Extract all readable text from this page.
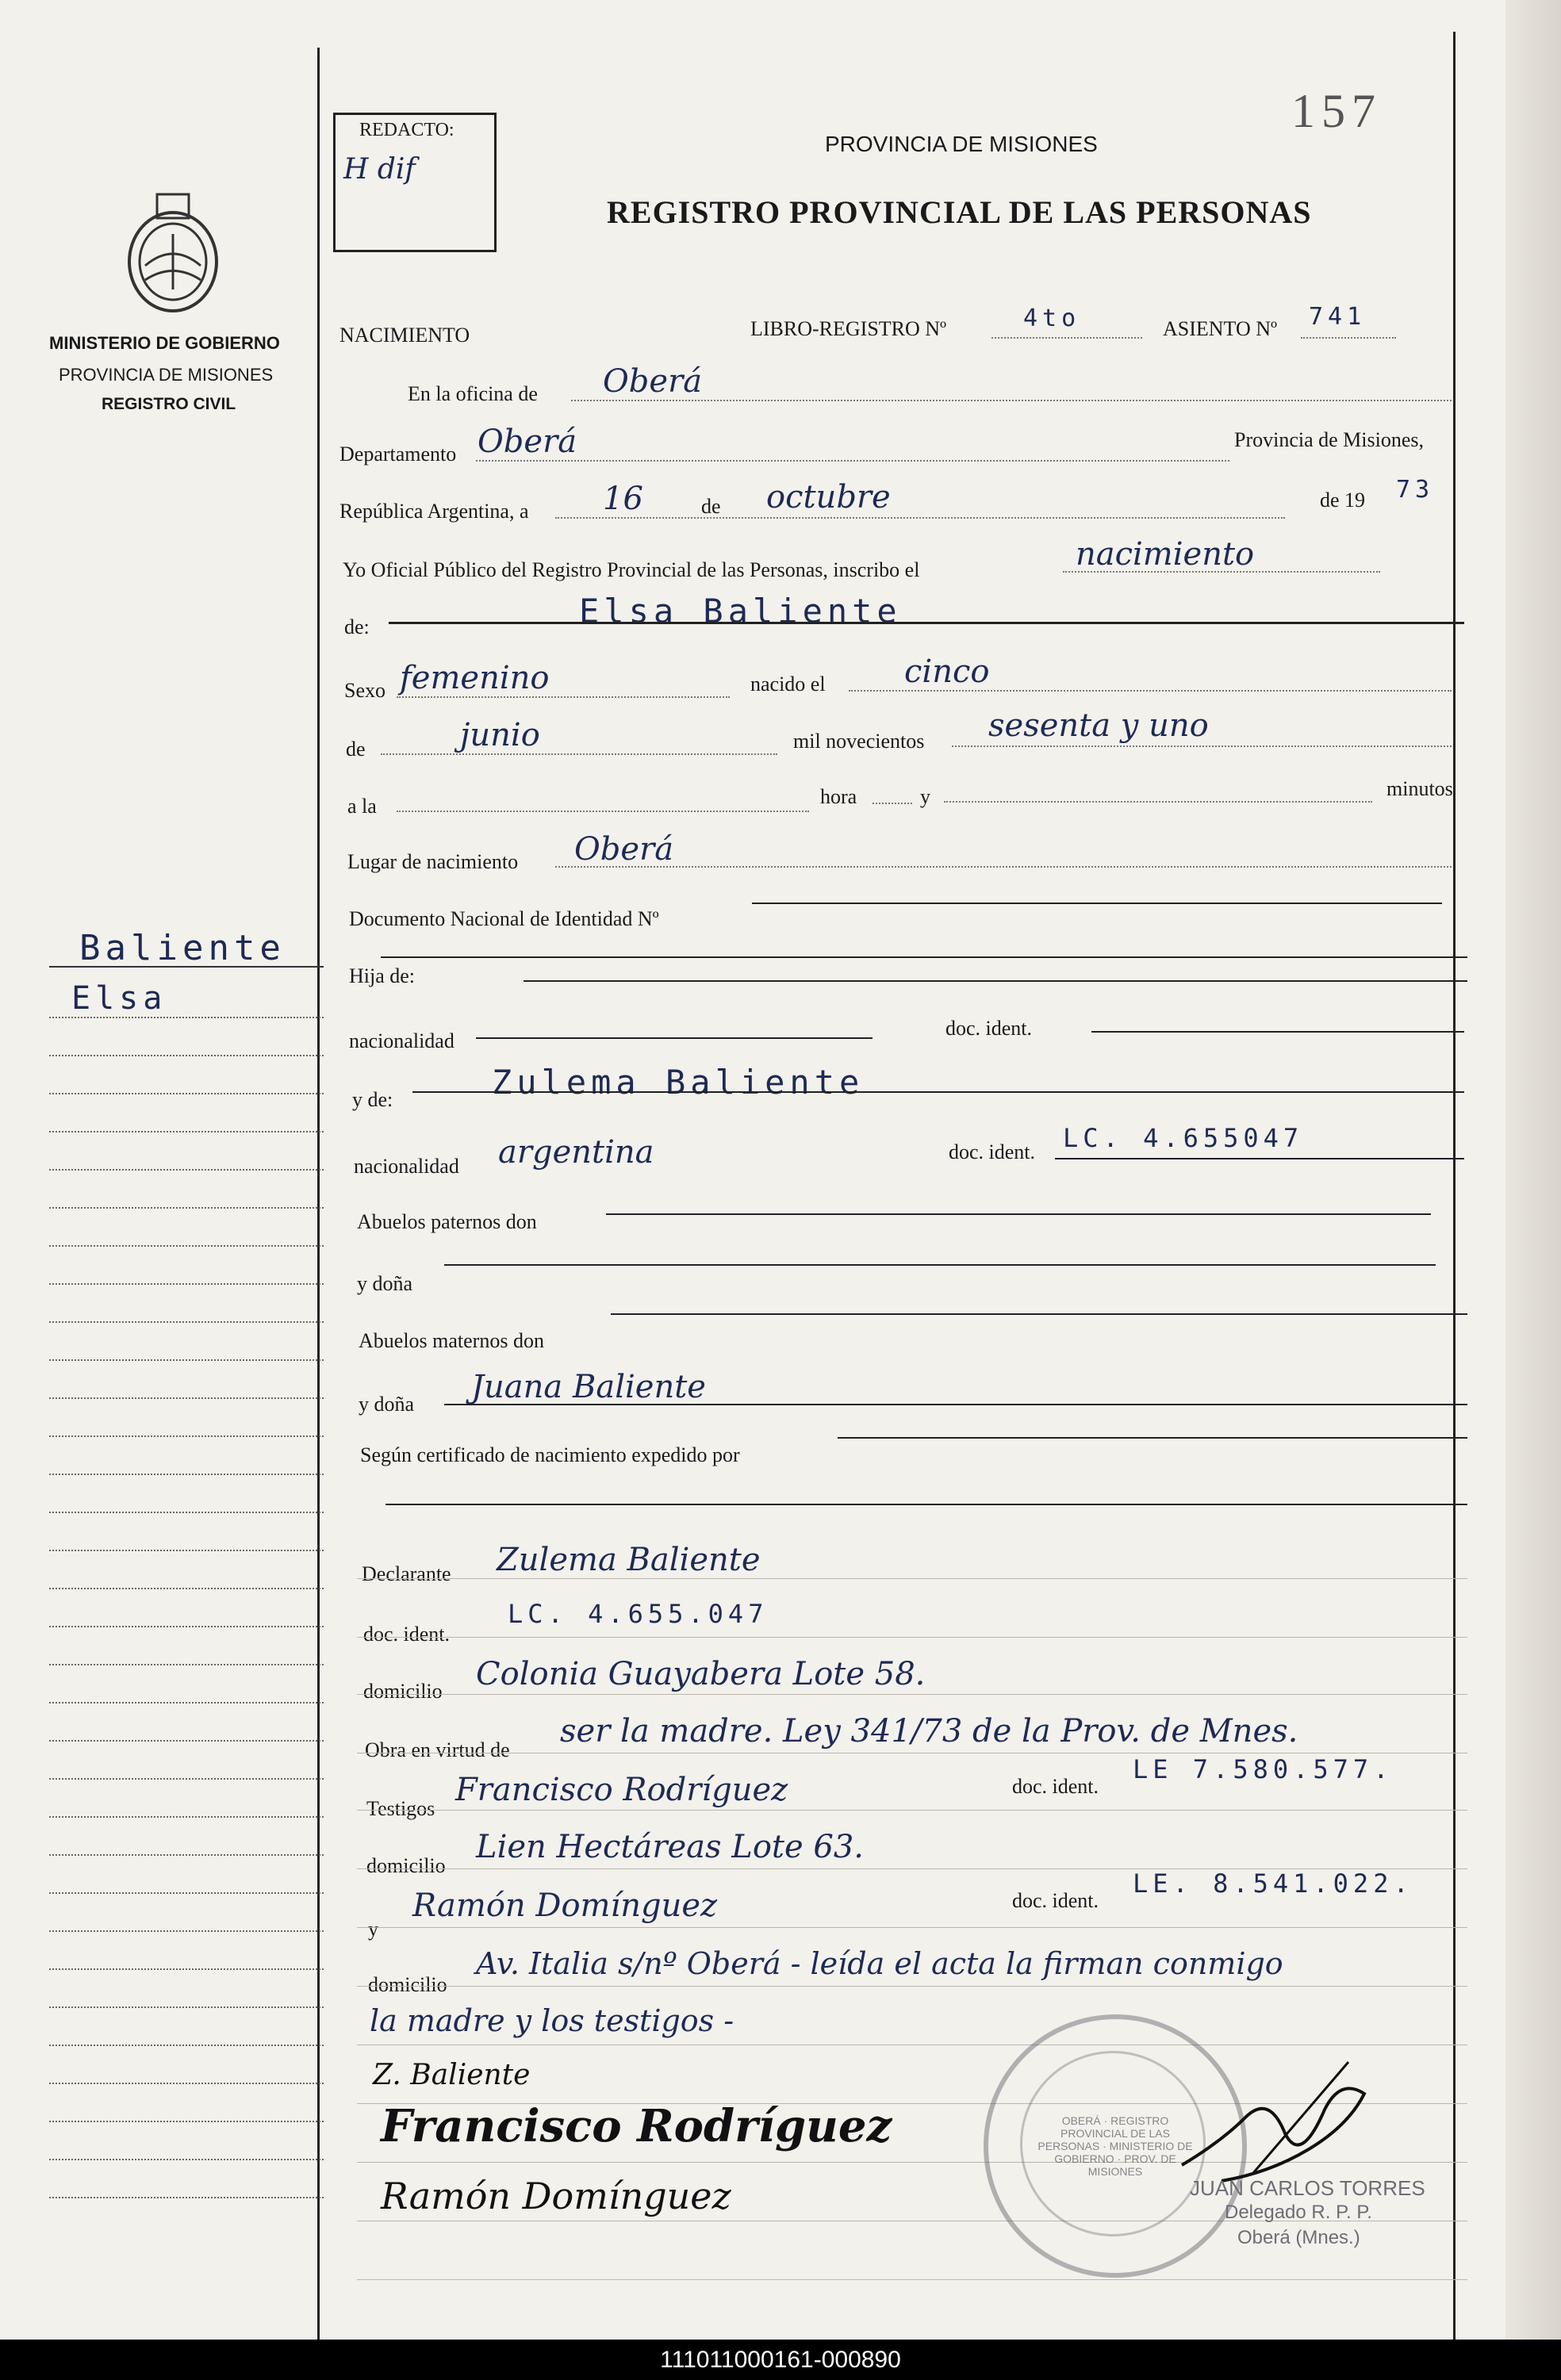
157
REDACTO:
H dif
PROVINCIA DE MISIONES
REGISTRO PROVINCIAL DE LAS PERSONAS
MINISTERIO DE GOBIERNO
PROVINCIA DE MISIONES
REGISTRO CIVIL
Baliente
Elsa
NACIMIENTO	LIBRO-REGISTRO Nº	4to	ASIENTO Nº 741
En la oficina de Oberá
Departamento Oberá	Provincia de Misiones,
República Argentina, a 16	de octubre	de 19 73
Yo Oficial Público del Registro Provincial de las Personas, inscribo el	nacimiento
de:	Elsa Baliente
Sexo femenino	nacido el cinco
de	junio	mil novecientos sesenta y uno
a la	hora	y	minutos
Lugar de nacimiento Oberá
Documento Nacional de Identidad Nº
Hija de:
nacionalidad
doc. ident.
y de:	Zulema Baliente
nacionalidad argentina	doc. ident. LC. 4.655047
Abuelos paternos don
y doña
Abuelos maternos don
y doña Juana Baliente
Según certificado de nacimiento expedido por
Declarante Zulema Baliente
doc. ident.
LC. 4.655.047
domicilio Colonia Guayabera Lote 58.
Obra en virtud de
ser la madre. Ley 341/73 de la Prov. de Mnes.
Testigos
Francisco Rodríguez	doc. ident.
LE 7.580.577.
domicilio
Lien Hectáreas Lote 63.
y
Ramón Domínguez	doc. ident.
LE. 8.541.022.
domicilio
Av. Italia s/nº Oberá - leída el acta la firman conmigo
la madre y los testigos -
Z. Baliente
Francisco Rodríguez
Ramón Domínguez
OBERÁ · REGISTRO PROVINCIAL DE LAS PERSONAS · MINISTERIO DE GOBIERNO · PROV. DE MISIONES
JUAN CARLOS TORRES
Delegado R. P. P.
Oberá (Mnes.)
111011000161-000890
